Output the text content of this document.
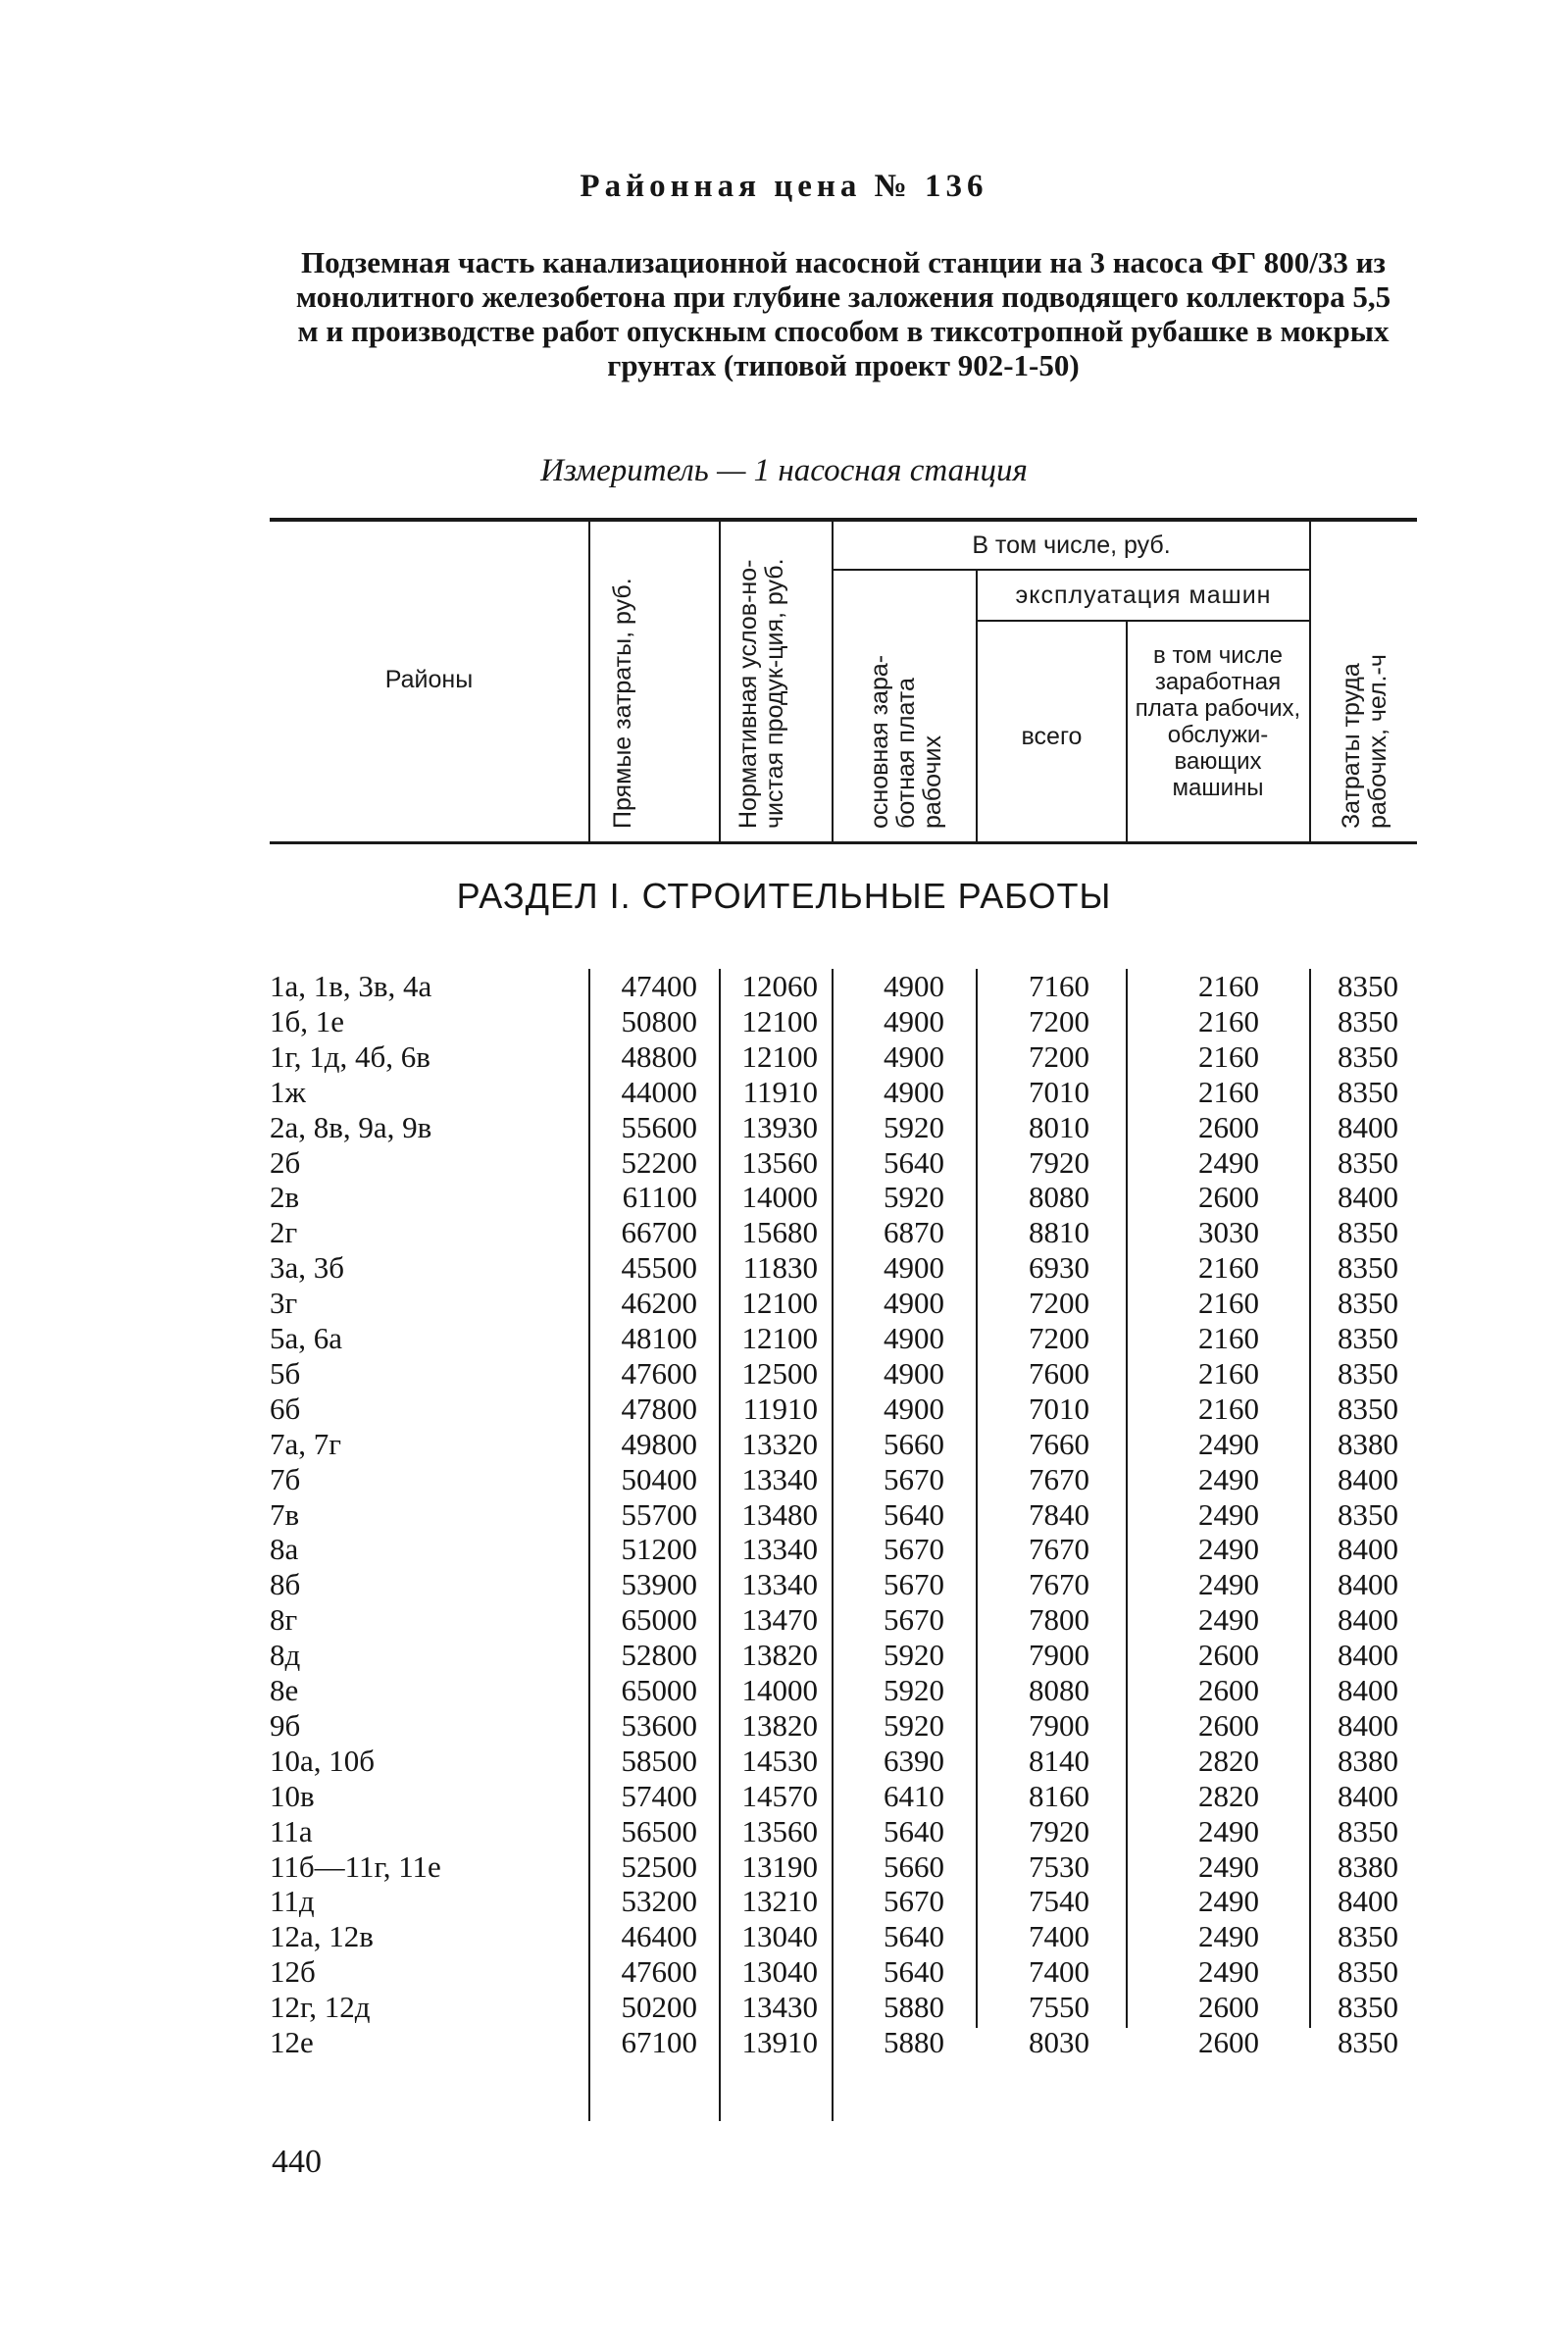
Районная цена № 136
Подземная часть канализационной насосной станции на 3 насоса ФГ 800/33 из монолитного железобетона при глубине заложения подводящего коллектора 5,5 м и производстве работ опускным способом в тиксотропной рубашке в мокрых грунтах (типовой проект 902-1-50)
Измеритель — 1 насосная станция
Районы	Прямые затраты, руб.	Нормативная услов-но-чистая продук-ция, руб.
В том числе, руб.
основная зара-ботная плата рабочих
эксплуатация машин
всего
в том числе заработная плата рабочих, обслужи-вающих машины	Затраты труда рабочих, чел.-ч
РАЗДЕЛ I. СТРОИТЕЛЬНЫЕ РАБОТЫ
1а, 1в, 3в, 4а	47400	12060	4900	7160	2160	8350
1б, 1е	50800	12100	4900	7200	2160	8350
1г, 1д, 4б, 6в	48800	12100	4900	7200	2160	8350
1ж	44000	11910	4900	7010	2160	8350
2а, 8в, 9а, 9в	55600	13930	5920	8010	2600	8400
2б	52200	13560	5640	7920	2490	8350
2в	61100	14000	5920	8080	2600	8400
2г	66700	15680	6870	8810	3030	8350
3а, 3б	45500	11830	4900	6930	2160	8350
3г	46200	12100	4900	7200	2160	8350
5а, 6а	48100	12100	4900	7200	2160	8350
5б	47600	12500	4900	7600	2160	8350
6б	47800	11910	4900	7010	2160	8350
7а, 7г	49800	13320	5660	7660	2490	8380
7б	50400	13340	5670	7670	2490	8400
7в	55700	13480	5640	7840	2490	8350
8а	51200	13340	5670	7670	2490	8400
8б	53900	13340	5670	7670	2490	8400
8г	65000	13470	5670	7800	2490	8400
8д	52800	13820	5920	7900	2600	8400
8е	65000	14000	5920	8080	2600	8400
9б	53600	13820	5920	7900	2600	8400
10а, 10б	58500	14530	6390	8140	2820	8380
10в	57400	14570	6410	8160	2820	8400
11а	56500	13560	5640	7920	2490	8350
11б—11г, 11е	52500	13190	5660	7530	2490	8380
11д	53200	13210	5670	7540	2490	8400
12а, 12в	46400	13040	5640	7400	2490	8350
12б	47600	13040	5640	7400	2490	8350
12г, 12д	50200	13430	5880	7550	2600	8350
12е	67100	13910	5880	8030	2600	8350
440
